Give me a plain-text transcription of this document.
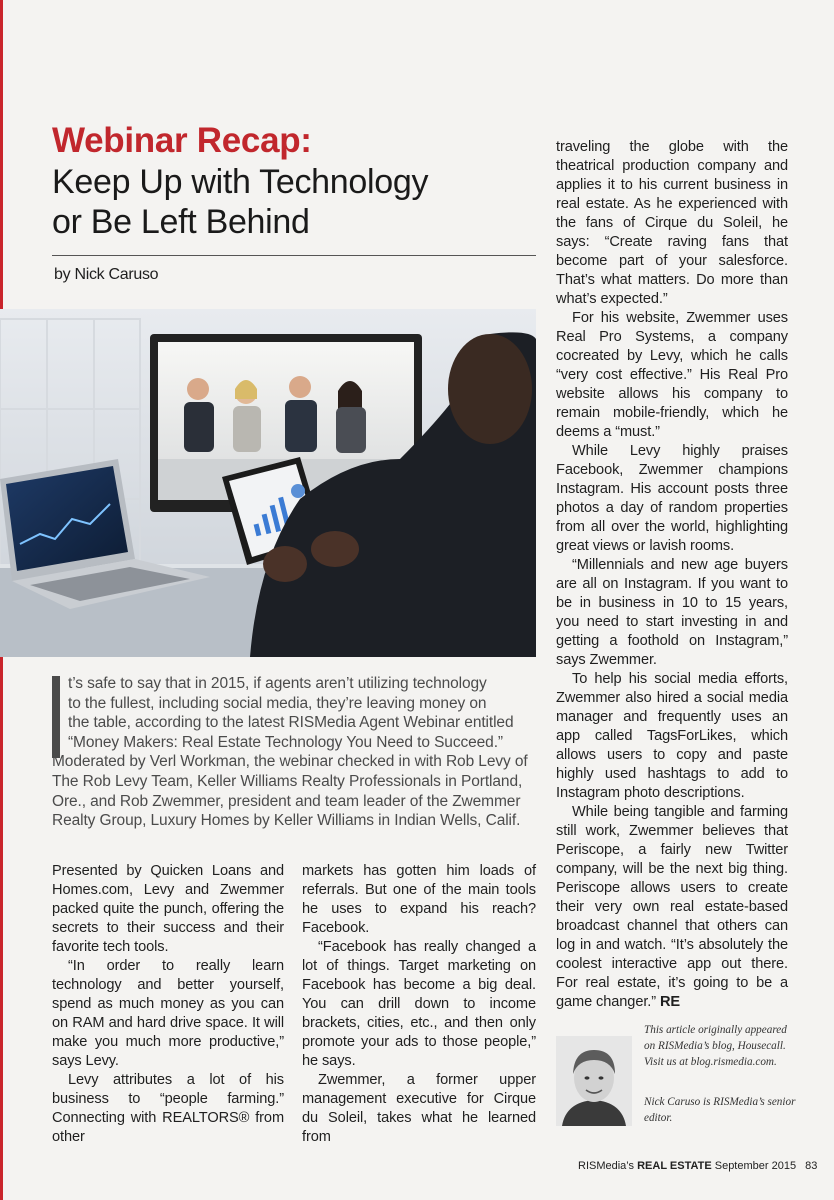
Webinar Recap:
Keep Up with Technology
or Be Left Behind
by Nick Caruso
t’s safe to say that in 2015, if agents aren’t utilizing technology
to the fullest, including social media, they’re leaving money on
the table, according to the latest RISMedia Agent Webinar entitled
“Money Makers: Real Estate Technology You Need to Succeed.”
Moderated by Verl Workman, the webinar checked in with Rob Levy of
The Rob Levy Team, Keller Williams Realty Professionals in Portland,
Ore., and Rob Zwemmer, president and team leader of the Zwemmer
Realty Group, Luxury Homes by Keller Williams in Indian Wells, Calif.

Presented by Quicken Loans and Homes.com, Levy and Zwemmer packed quite the punch, offering the secrets to their success and their favorite tech tools.

“In order to really learn technology and better yourself, spend as much money as you can on RAM and hard drive space. It will make you much more productive,” says Levy.

Levy attributes a lot of his business to “people farming.” Connecting with REALTORS® from other

markets has gotten him loads of referrals. But one of the main tools he uses to expand his reach? Facebook.

“Facebook has really changed a lot of things. Target marketing on Facebook has become a big deal. You can drill down to income brackets, cities, etc., and then only promote your ads to those people,” he says.

Zwemmer, a former upper management executive for Cirque du Soleil, takes what he learned from

traveling the globe with the theatrical production company and applies it to his current business in real estate. As he experienced with the fans of Cirque du Soleil, he says: “Create raving fans that become part of your salesforce. That’s what matters. Do more than what’s expected.”

For his website, Zwemmer uses Real Pro Systems, a company cocreated by Levy, which he calls “very cost effective.” His Real Pro website allows his company to remain mobile-friendly, which he deems a “must.”

While Levy highly praises Facebook, Zwemmer champions Instagram. His account posts three photos a day of random properties from all over the world, highlighting great views or lavish rooms.

“Millennials and new age buyers are all on Instagram. If you want to be in business in 10 to 15 years, you need to start investing in and getting a foothold on Instagram,” says Zwemmer.

To help his social media efforts, Zwemmer also hired a social media manager and frequently uses an app called TagsForLikes, which allows users to copy and paste highly used hashtags to add to Instagram photo descriptions.

While being tangible and farming still work, Zwemmer believes that Periscope, a fairly new Twitter company, will be the next big thing. Periscope allows users to create their very own real estate-based broadcast channel that others can log in and watch. “It’s absolutely the coolest interactive app out there. For real estate, it’s going to be a game changer.” RE

This article originally appeared
on RISMedia’s blog, Housecall.
Visit us at blog.rismedia.com.
Nick Caruso is RISMedia’s senior
editor.
RISMedia’s REAL ESTATE September 2015 83
